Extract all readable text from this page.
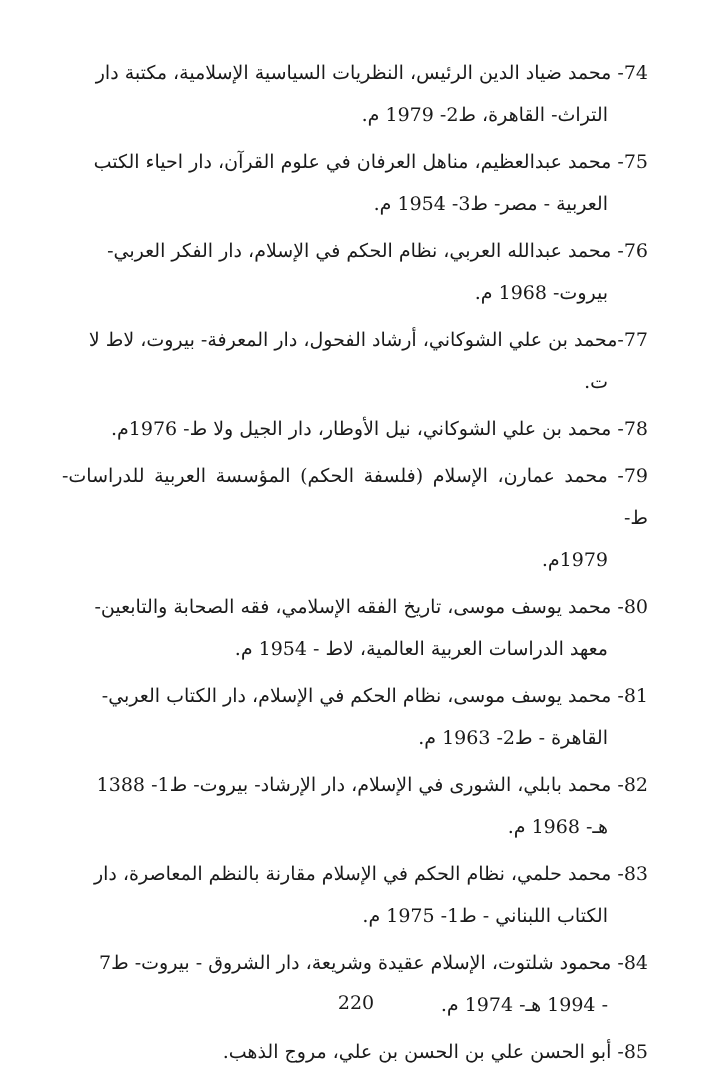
74- محمد ضياد الدين الرئيس، النظريات السياسية الإسلامية، مكتبة دار
التراث- القاهرة، ط2- 1979 م.
75- محمد عبدالعظيم، مناهل العرفان في علوم القرآن، دار احياء الكتب
العربية - مصر- ط3- 1954 م.
76- محمد عبدالله العربي، نظام الحكم في الإسلام، دار الفكر العربي-
بيروت- 1968 م.
77-محمد بن علي الشوكاني، أرشاد الفحول، دار المعرفة- بيروت، لاط لا
ت.
78- محمد بن علي الشوكاني، نيل الأوطار، دار الجيل ولا ط- 1976م.
79- محمد عمارن، الإسلام (فلسفة الحكم) المؤسسة العربية للدراسات- ط-
1979م.
80- محمد يوسف موسى، تاريخ الفقه الإسلامي، فقه الصحابة والتابعين-
معهد الدراسات العربية العالمية، لاط - 1954 م.
81- محمد يوسف موسى، نظام الحكم في الإسلام، دار الكتاب العربي-
القاهرة - ط2- 1963 م.
82- محمد بابلي، الشورى في الإسلام، دار الإرشاد- بيروت- ط1- 1388
هـ- 1968 م.
83- محمد حلمي، نظام الحكم في الإسلام مقارنة بالنظم المعاصرة، دار
الكتاب اللبناني - ط1- 1975 م.
84- محمود شلتوت، الإسلام عقيدة وشريعة، دار الشروق - بيروت- ط7
- 1994 هـ- 1974 م.
85- أبو الحسن علي بن الحسن بن علي، مروج الذهب.
220
